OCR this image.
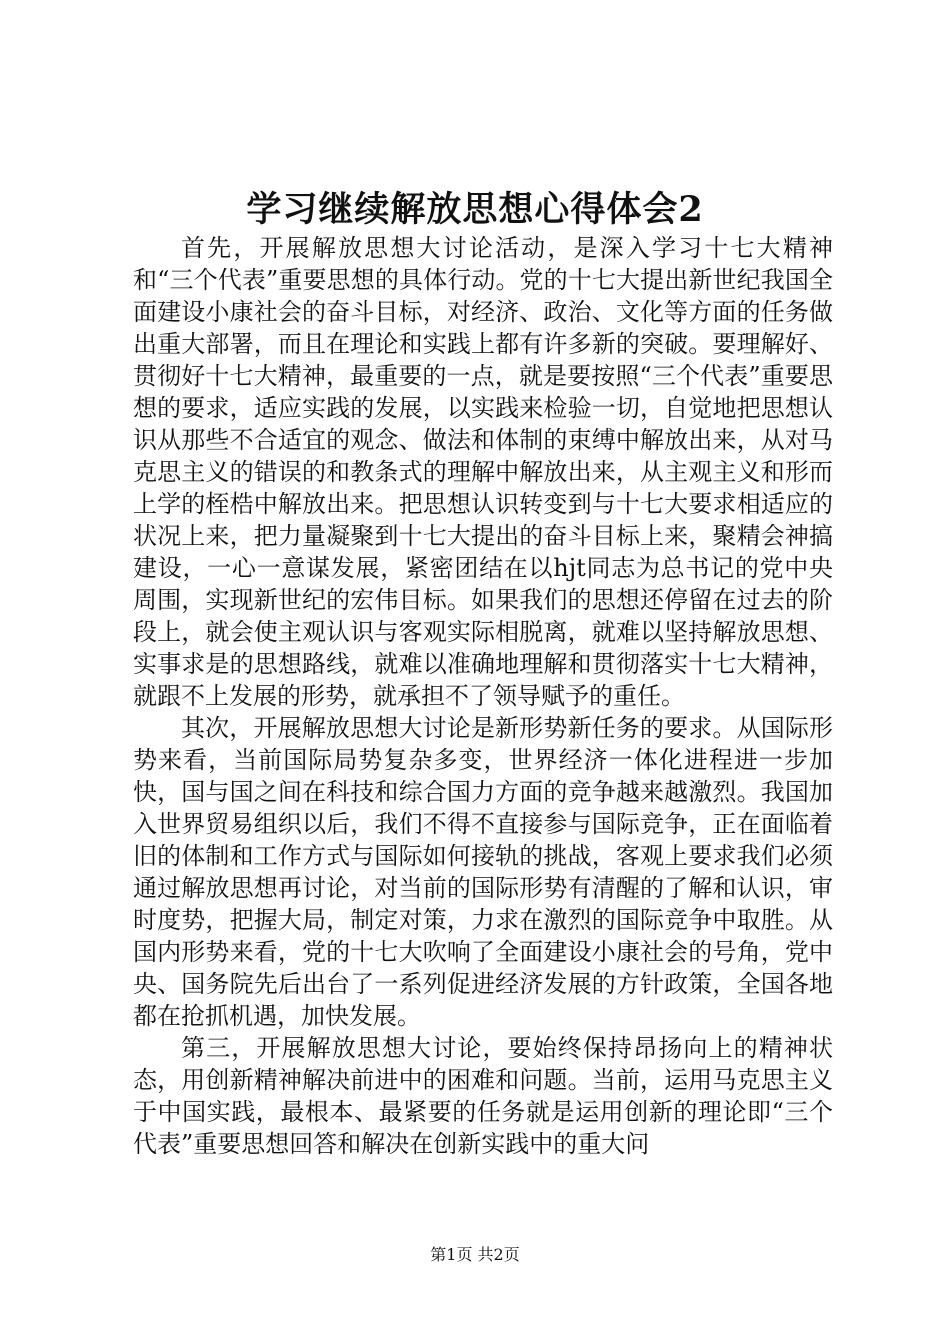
学习继续解放思想心得体会2

首先，开展解放思想大讨论活动，是深入学习十七大精神和“三个代表”重要思想的具体行动。党的十七大提出新世纪我国全面建设小康社会的奋斗目标，对经济、政治、文化等方面的任务做出重大部署，而且在理论和实践上都有许多新的突破。要理解好、贯彻好十七大精神，最重要的一点，就是要按照“三个代表”重要思想的要求，适应实践的发展，以实践来检验一切，自觉地把思想认识从那些不合适宜的观念、做法和体制的束缚中解放出来，从对马克思主义的错误的和教条式的理解中解放出来，从主观主义和形而上学的桎梏中解放出来。把思想认识转变到与十七大要求相适应的状况上来，把力量凝聚到十七大提出的奋斗目标上来，聚精会神搞建设，一心一意谋发展，紧密团结在以hjt同志为总书记的党中央周围，实现新世纪的宏伟目标。如果我们的思想还停留在过去的阶段上，就会使主观认识与客观实际相脱离，就难以坚持解放思想、实事求是的思想路线，就难以准确地理解和贯彻落实十七大精神，就跟不上发展的形势，就承担不了领导赋予的重任。

其次，开展解放思想大讨论是新形势新任务的要求。从国际形势来看，当前国际局势复杂多变，世界经济一体化进程进一步加快，国与国之间在科技和综合国力方面的竞争越来越激烈。我国加入世界贸易组织以后，我们不得不直接参与国际竞争，正在面临着旧的体制和工作方式与国际如何接轨的挑战，客观上要求我们必须通过解放思想再讨论，对当前的国际形势有清醒的了解和认识，审时度势，把握大局，制定对策，力求在激烈的国际竞争中取胜。从国内形势来看，党的十七大吹响了全面建设小康社会的号角，党中央、国务院先后出台了一系列促进经济发展的方针政策，全国各地都在抢抓机遇，加快发展。

第三，开展解放思想大讨论，要始终保持昂扬向上的精神状态，用创新精神解决前进中的困难和问题。当前，运用马克思主义于中国实践，最根本、最紧要的任务就是运用创新的理论即“三个代表”重要思想回答和解决在创新实践中的重大问

第1页 共2页
